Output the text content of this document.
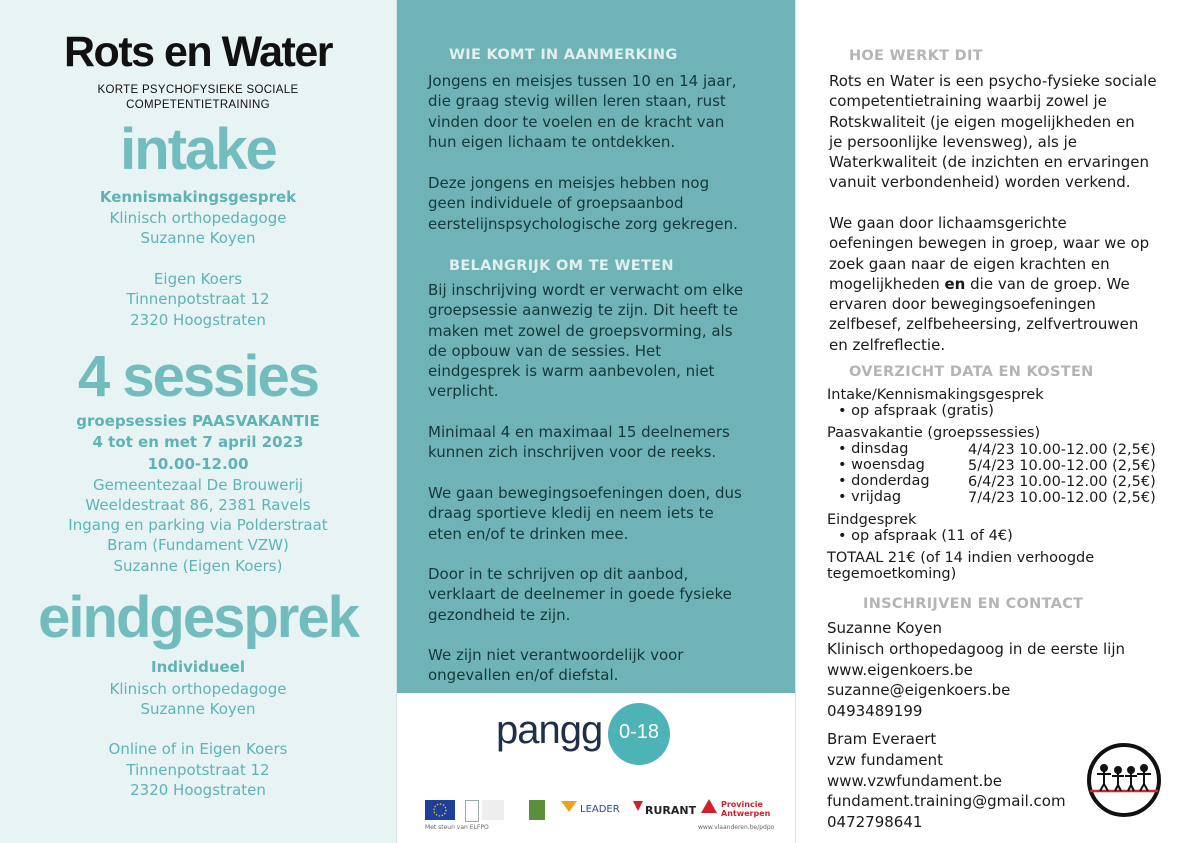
Rots en Water
KORTE PSYCHOFYSIEKE SOCIALE
COMPETENTIETRAINING
intake
Kennismakingsgesprek
Klinisch orthopedagoge
Suzanne Koyen
Eigen Koers
Tinnenpotstraat 12
2320 Hoogstraten
4 sessies
groepsessies PAASVAKANTIE
4 tot en met 7 april 2023
10.00-12.00
Gemeentezaal De Brouwerij
Weeldestraat 86, 2381 Ravels
Ingang en parking via Polderstraat
Bram (Fundament VZW)
Suzanne (Eigen Koers)
eindgesprek
Individueel
Klinisch orthopedagoge
Suzanne Koyen
Online of in Eigen Koers
Tinnenpotstraat 12
2320 Hoogstraten
WIE KOMT IN AANMERKING
Jongens en meisjes tussen 10 en 14 jaar,
die graag stevig willen leren staan, rust
vinden door te voelen en de kracht van
hun eigen lichaam te ontdekken.
Deze jongens en meisjes hebben nog
geen individuele of groepsaanbod
eerstelijnspsychologische zorg gekregen.
BELANGRIJK OM TE WETEN
Bij inschrijving wordt er verwacht om elke
groepsessie aanwezig te zijn. Dit heeft te
maken met zowel de groepsvorming, als
de opbouw van de sessies. Het
eindgesprek is warm aanbevolen, niet
verplicht.
Minimaal 4 en maximaal 15 deelnemers
kunnen zich inschrijven voor de reeks.
We gaan bewegingsoefeningen doen, dus
draag sportieve kledij en neem iets te
eten en/of te drinken mee.
Door in te schrijven op dit aanbod,
verklaart de deelnemer in goede fysieke
gezondheid te zijn.
We zijn niet verantwoordelijk voor
ongevallen en/of diefstal.
pangg 0-18
LEADER RURANT	Provincie
Antwerpen
Met steun van ELFPO	www.vlaanderen.be/pdpo
HOE WERKT DIT
Rots en Water is een psycho-fysieke sociale
competentietraining waarbij zowel je
Rotskwaliteit (je eigen mogelijkheden en
je persoonlijke levensweg), als je
Waterkwaliteit (de inzichten en ervaringen
vanuit verbondenheid) worden verkend.
We gaan door lichaamsgerichte
oefeningen bewegen in groep, waar we op
zoek gaan naar de eigen krachten en
mogelijkheden en die van de groep. We
ervaren door bewegingsoefeningen
zelfbesef, zelfbeheersing, zelfvertrouwen
en zelfreflectie.
OVERZICHT DATA EN KOSTEN
Intake/Kennismakingsgesprek
• op afspraak (gratis)
Paasvakantie (groepssessies)
• dinsdag	4/4/23 10.00-12.00 (2,5€)
• woensdag	5/4/23 10.00-12.00 (2,5€)
• donderdag	6/4/23 10.00-12.00 (2,5€)
• vrijdag	7/4/23 10.00-12.00 (2,5€)
Eindgesprek
• op afspraak (11 of 4€)
TOTAAL 21€ (of 14 indien verhoogde
tegemoetkoming)
INSCHRIJVEN EN CONTACT
Suzanne Koyen
Klinisch orthopedagoog in de eerste lijn
www.eigenkoers.be
suzanne@eigenkoers.be
0493489199
Bram Everaert
vzw fundament
www.vzwfundament.be
fundament.training@gmail.com
0472798641
